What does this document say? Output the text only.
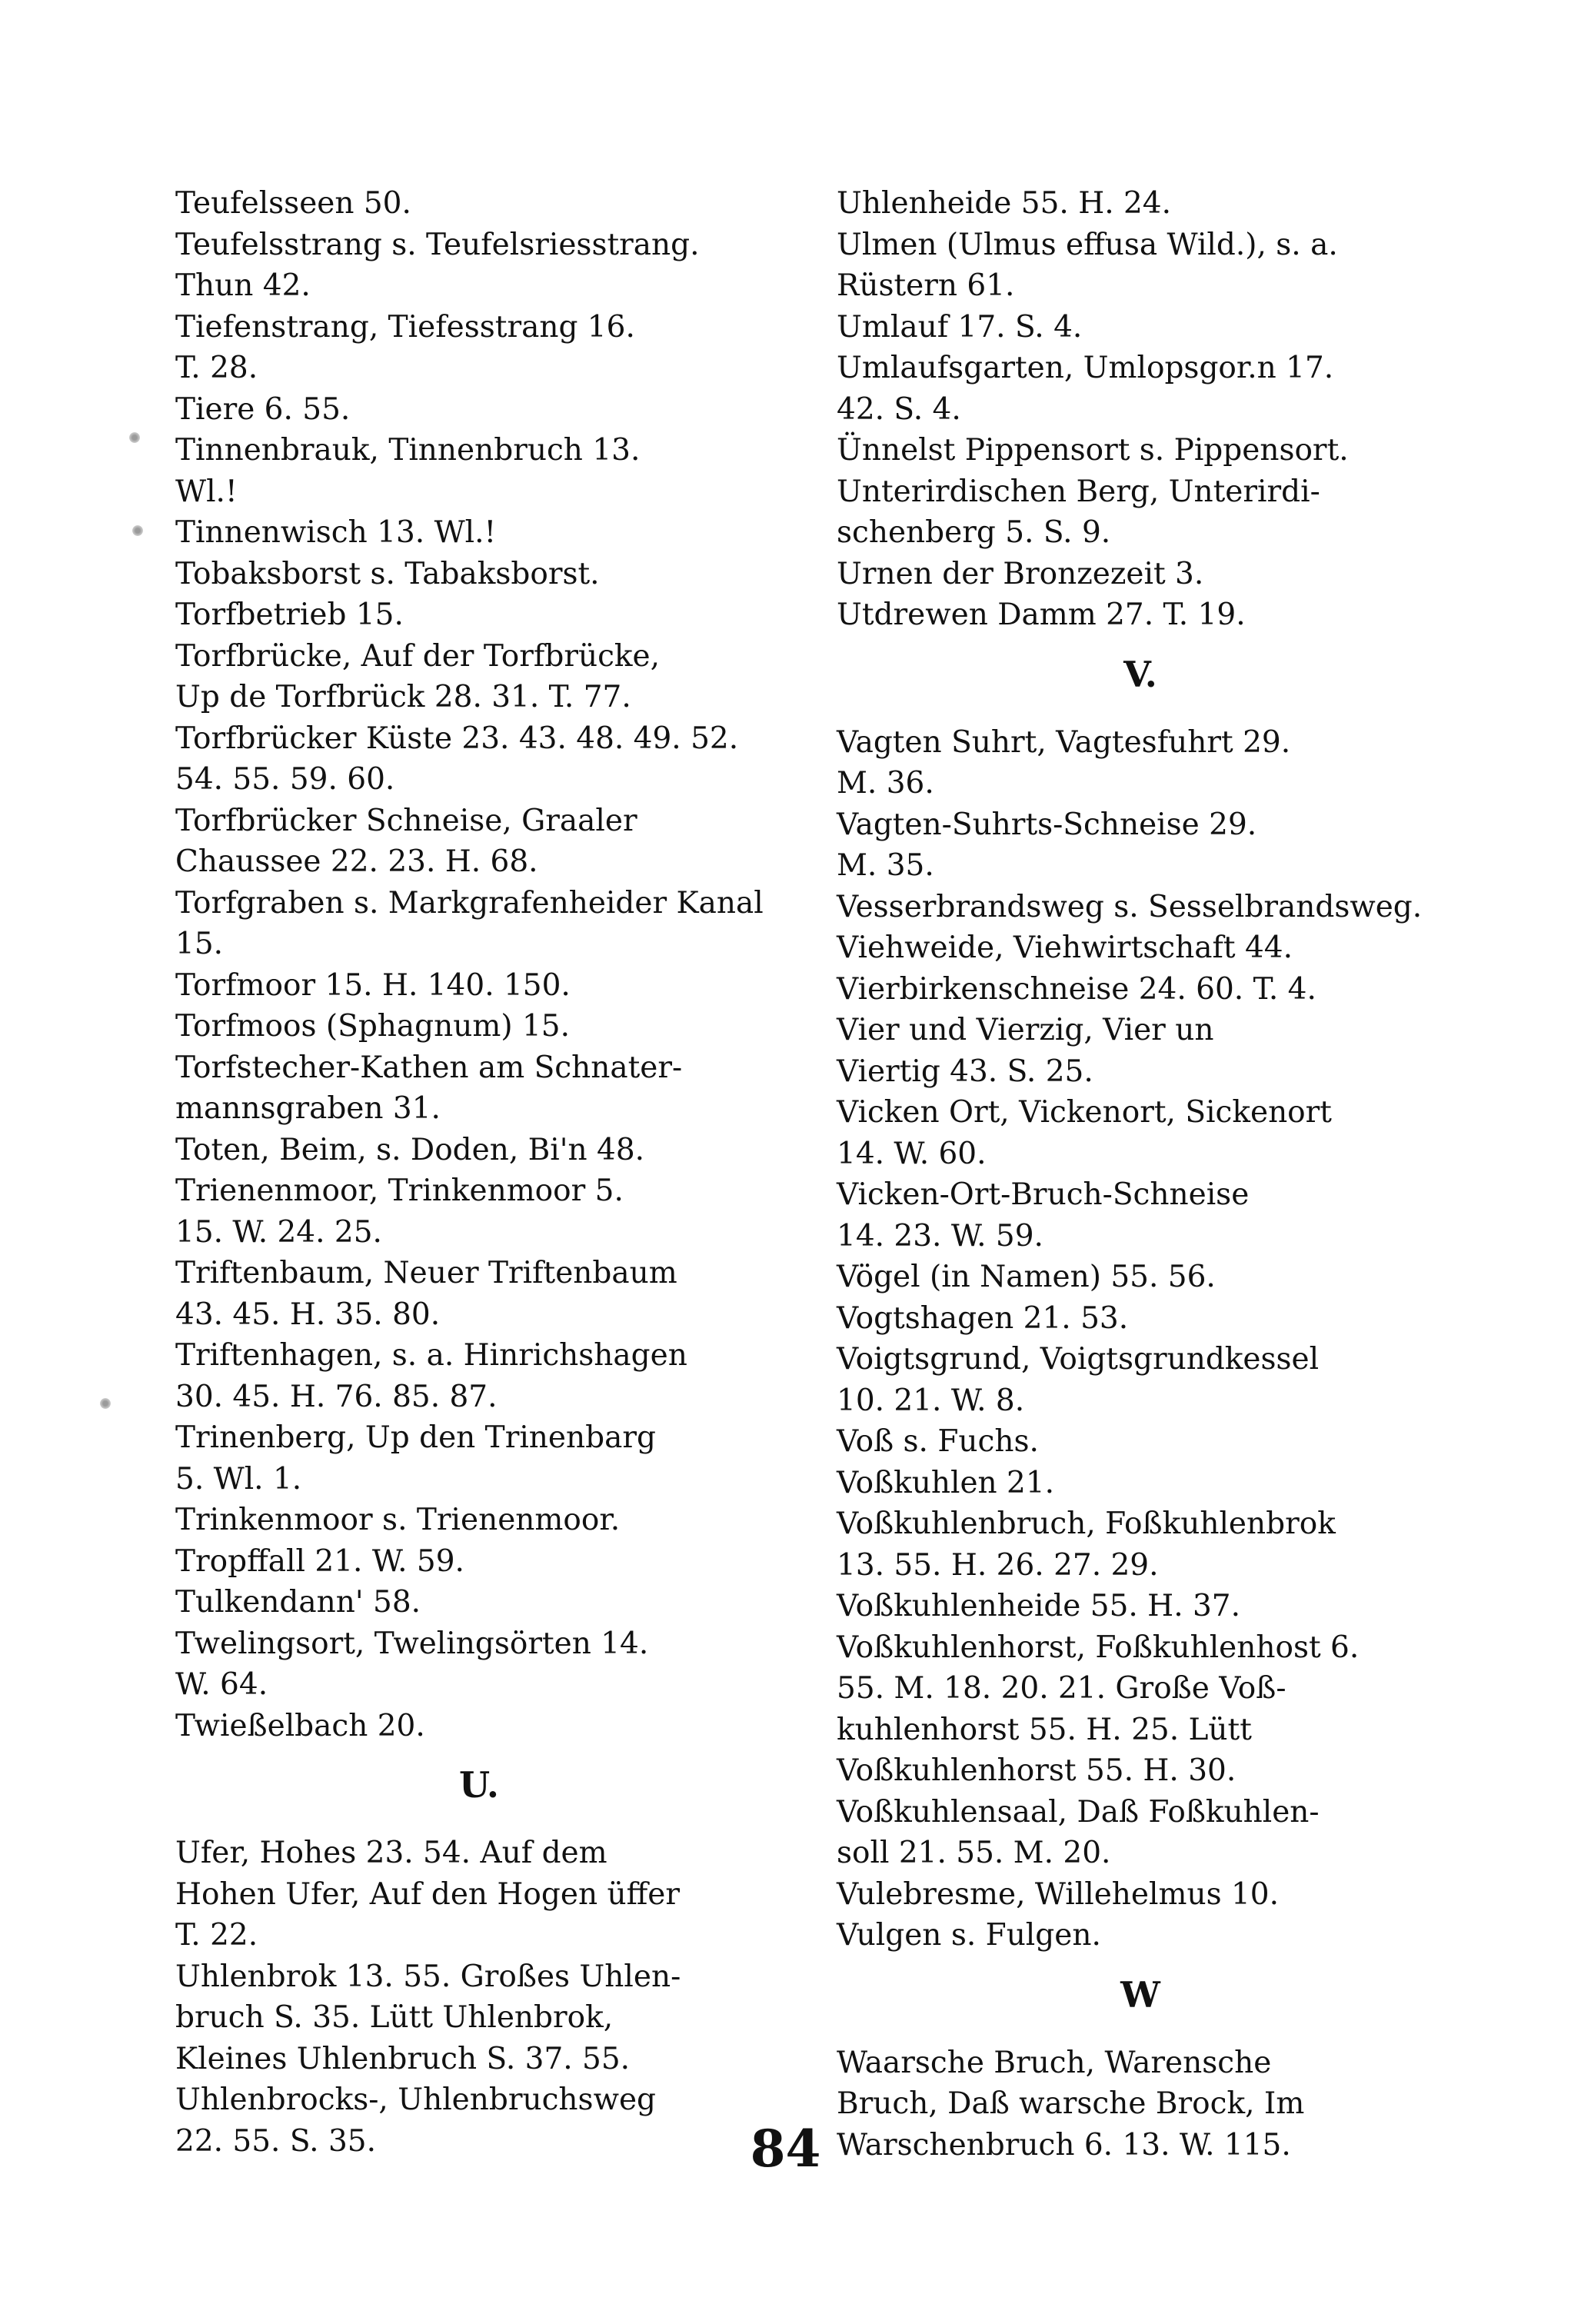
Teufelsseen 50.
Teufelsstrang s. Teufelsriesstrang.
Thun 42.
Tiefenstrang, Tiefesstrang 16.
T. 28.
Tiere 6. 55.
Tinnenbrauk, Tinnenbruch 13.
Wl.!
Tinnenwisch 13. Wl.!
Tobaksborst s. Tabaksborst.
Torfbetrieb 15.
Torfbrücke, Auf der Torfbrücke,
Up de Torfbrück 28. 31. T. 77.
Torfbrücker Küste 23. 43. 48. 49. 52.
54. 55. 59. 60.
Torfbrücker Schneise, Graaler
Chaussee 22. 23. H. 68.
Torfgraben s. Markgrafenheider Kanal
15.
Torfmoor 15. H. 140. 150.
Torfmoos (Sphagnum) 15.
Torfstecher-Kathen am Schnater-
mannsgraben 31.
Toten, Beim, s. Doden, Bi'n 48.
Trienenmoor, Trinkenmoor 5.
15. W. 24. 25.
Triftenbaum, Neuer Triftenbaum
43. 45. H. 35. 80.
Triftenhagen, s. a. Hinrichshagen
30. 45. H. 76. 85. 87.
Trinenberg, Up den Trinenbarg
5. Wl. 1.
Trinkenmoor s. Trienenmoor.
Tropffall 21. W. 59.
Tulkendann' 58.
Twelingsort, Twelingsörten 14.
W. 64.
Twießelbach 20.
U.
Ufer, Hohes 23. 54. Auf dem
Hohen Ufer, Auf den Hogen üffer
T. 22.
Uhlenbrok 13. 55. Großes Uhlen-
bruch S. 35. Lütt Uhlenbrok,
Kleines Uhlenbruch S. 37. 55.
Uhlenbrocks-, Uhlenbruchsweg
22. 55. S. 35.
Uhlenheide 55. H. 24.
Ulmen (Ulmus effusa Wild.), s. a.
Rüstern 61.
Umlauf 17. S. 4.
Umlaufsgarten, Umlopsgor.n 17.
42. S. 4.
Ünnelst Pippensort s. Pippensort.
Unterirdischen Berg, Unterirdi-
schenberg 5. S. 9.
Urnen der Bronzezeit 3.
Utdrewen Damm 27. T. 19.
V.
Vagten Suhrt, Vagtesfuhrt 29.
M. 36.
Vagten-Suhrts-Schneise 29.
M. 35.
Vesserbrandsweg s. Sesselbrandsweg.
Viehweide, Viehwirtschaft 44.
Vierbirkenschneise 24. 60. T. 4.
Vier und Vierzig, Vier un
Viertig 43. S. 25.
Vicken Ort, Vickenort, Sickenort
14. W. 60.
Vicken-Ort-Bruch-Schneise
14. 23. W. 59.
Vögel (in Namen) 55. 56.
Vogtshagen 21. 53.
Voigtsgrund, Voigtsgrundkessel
10. 21. W. 8.
Voß s. Fuchs.
Voßkuhlen 21.
Voßkuhlenbruch, Foßkuhlenbrok
13. 55. H. 26. 27. 29.
Voßkuhlenheide 55. H. 37.
Voßkuhlenhorst, Foßkuhlenhost 6.
55. M. 18. 20. 21. Große Voß-
kuhlenhorst 55. H. 25. Lütt
Voßkuhlenhorst 55. H. 30.
Voßkuhlensaal, Daß Foßkuhlen-
soll 21. 55. M. 20.
Vulebresme, Willehelmus 10.
Vulgen s. Fulgen.
W
Waarsche Bruch, Warensche
Bruch, Daß warsche Brock, Im
Warschenbruch 6. 13. W. 115.
84
